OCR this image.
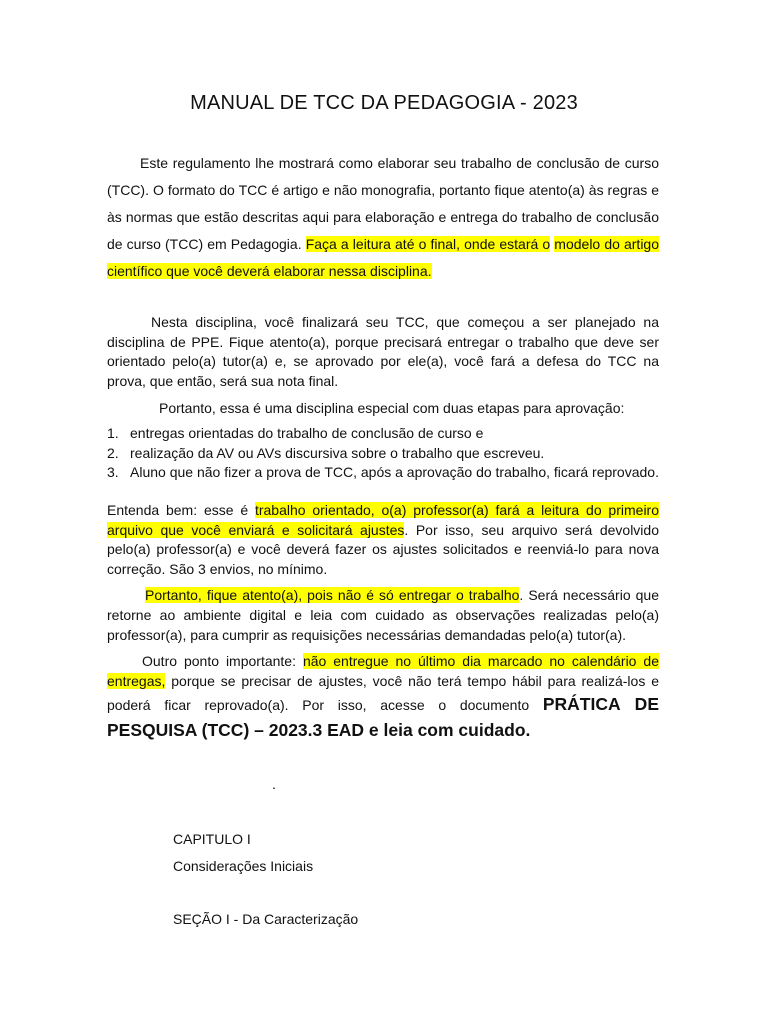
MANUAL DE TCC DA PEDAGOGIA - 2023

Este regulamento lhe mostrará como elaborar seu trabalho de conclusão de curso (TCC). O formato do TCC é artigo e não monografia, portanto fique atento(a) às regras e às normas que estão descritas aqui para elaboração e entrega do trabalho de conclusão de curso (TCC) em Pedagogia. Faça a leitura até o final, onde estará o modelo do artigo científico que você deverá elaborar nessa disciplina.

Nesta disciplina, você finalizará seu TCC, que começou a ser planejado na disciplina de PPE. Fique atento(a), porque precisará entregar o trabalho que deve ser orientado pelo(a) tutor(a) e, se aprovado por ele(a), você fará a defesa do TCC na prova, que então, será sua nota final.

Portanto, essa é uma disciplina especial com duas etapas para aprovação:

1. entregas orientadas do trabalho de conclusão de curso e
2. realização da AV ou AVs discursiva sobre o trabalho que escreveu.
3. Aluno que não fizer a prova de TCC, após a aprovação do trabalho, ficará reprovado.

Entenda bem: esse é trabalho orientado, o(a) professor(a) fará a leitura do primeiro arquivo que você enviará e solicitará ajustes. Por isso, seu arquivo será devolvido pelo(a) professor(a) e você deverá fazer os ajustes solicitados e reenviá-lo para nova correção. São 3 envios, no mínimo.

Portanto, fique atento(a), pois não é só entregar o trabalho. Será necessário que retorne ao ambiente digital e leia com cuidado as observações realizadas pelo(a) professor(a), para cumprir as requisições necessárias demandadas pelo(a) tutor(a).

Outro ponto importante: não entregue no último dia marcado no calendário de entregas, porque se precisar de ajustes, você não terá tempo hábil para realizá-los e poderá ficar reprovado(a). Por isso, acesse o documento PRÁTICA DE PESQUISA (TCC) – 2023.3 EAD e leia com cuidado.

.
CAPITULO I
Considerações Iniciais
SEÇÃO I - Da Caracterização
